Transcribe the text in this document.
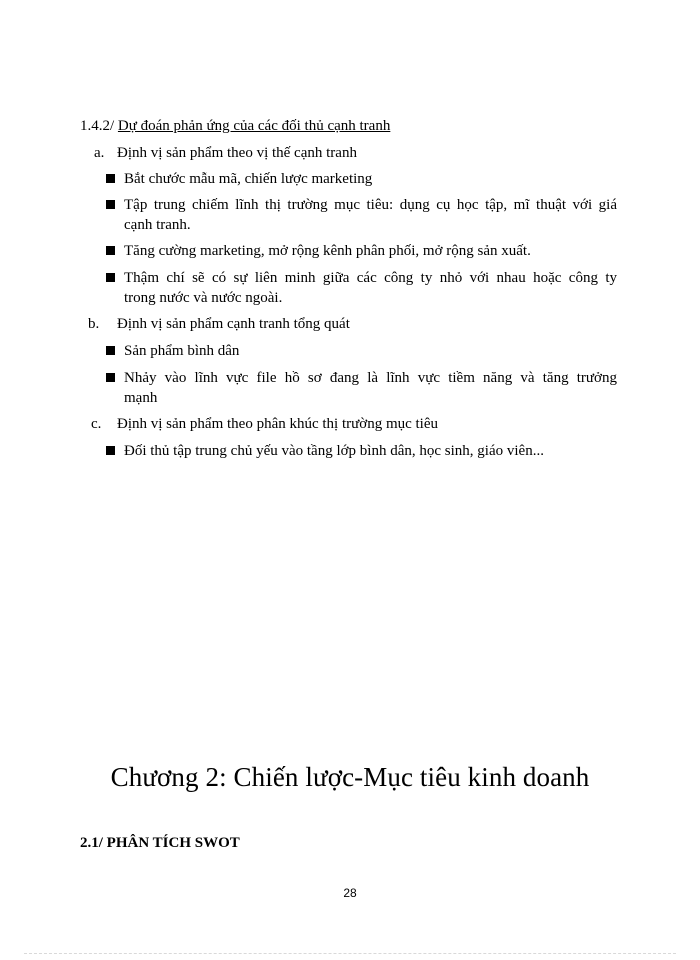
1.4.2/ Dự đoán phản ứng của các đối thủ cạnh tranh
a. Định vị sản phẩm theo vị thế cạnh tranh
Bắt chước mẫu mã, chiến lược marketing
Tập trung chiếm lĩnh thị trường mục tiêu: dụng cụ học tập, mĩ thuật với giá
cạnh tranh.
Tăng cường marketing, mở rộng kênh phân phối, mở rộng sản xuất.
Thậm chí sẽ có sự liên minh giữa các công ty nhỏ với nhau hoặc công ty
trong nước và nước ngoài.
b. Định vị sản phẩm cạnh tranh tổng quát
Sản phẩm bình dân
Nhảy vào lĩnh vực file hồ sơ đang là lĩnh vực tiềm năng và tăng trưởng
mạnh
c. Định vị sản phẩm theo phân khúc thị trường mục tiêu
Đối thủ tập trung chủ yếu vào tầng lớp bình dân, học sinh, giáo viên...
Chương 2: Chiến lược-Mục tiêu kinh doanh
2.1/ PHÂN TÍCH SWOT
28
